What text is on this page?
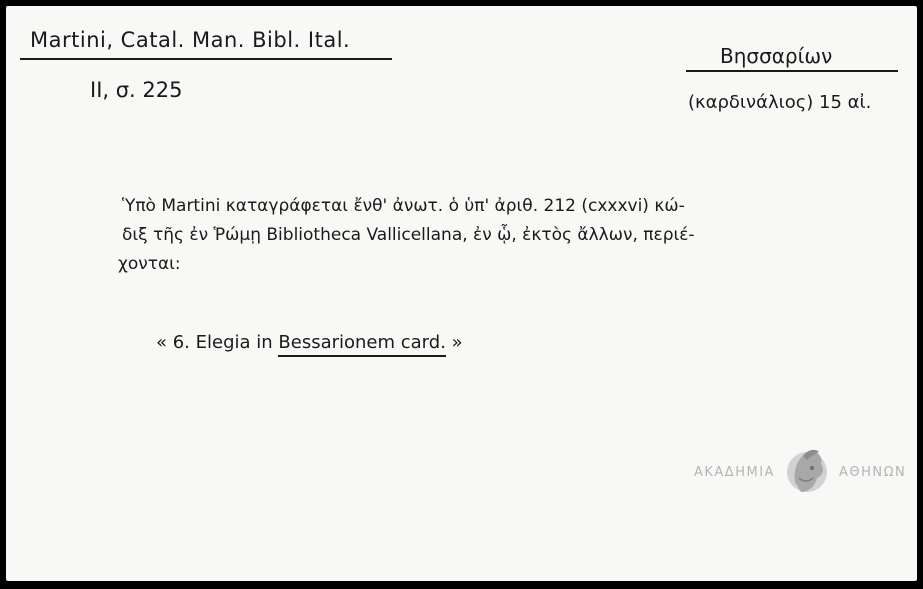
Martini, Catal. Man. Bibl. Ital.
II, σ. 225
Βησσαρίων
(καρδινάλιος) 15 αἰ.
Ὑπὸ Martini καταγράφεται ἔνθ' ἀνωτ. ὁ ὑπ' ἀριθ. 212 (cxxxvi) κώ-
διξ τῆς ἐν Ῥώμῃ Bibliotheca Vallicellana, ἐν ᾧ, ἐκτὸς ἄλλων, περιέ-
χονται:
« 6. Elegia in Bessarionem card. »
ΑΚΑΔΗΜΙΑ	ΑΘΗΝΩΝ
